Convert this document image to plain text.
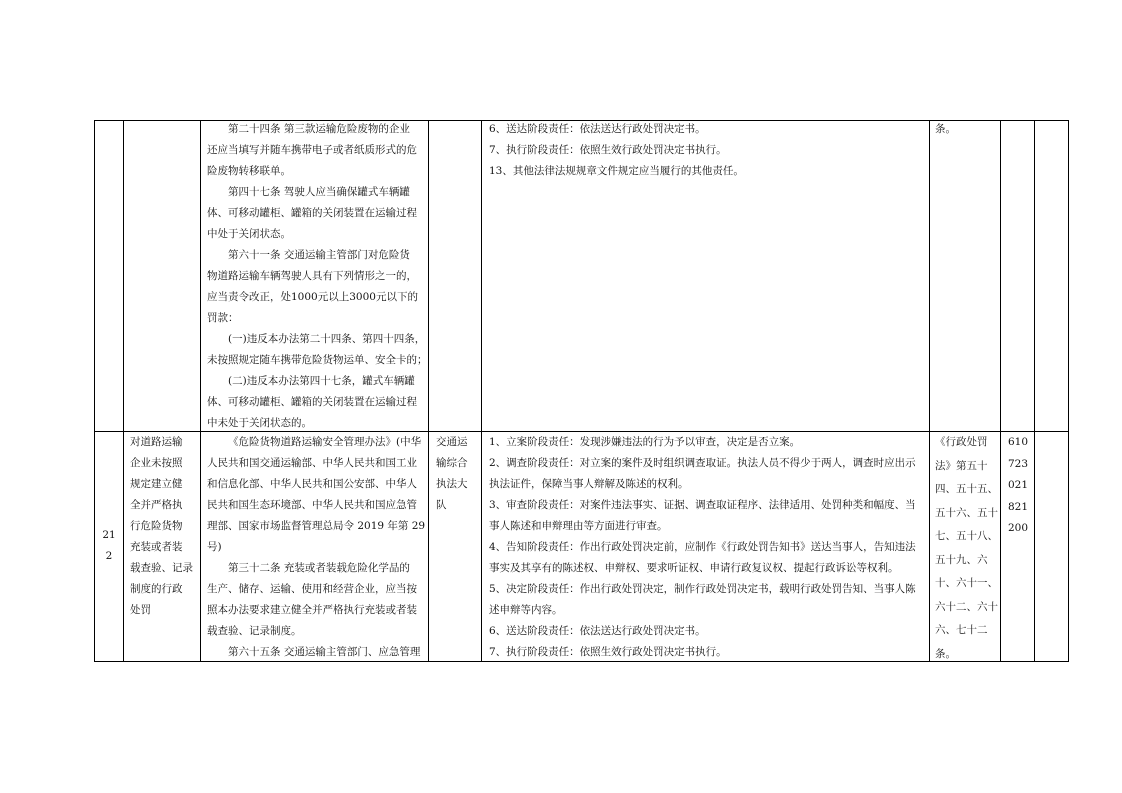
第二十四条 第三款运输危险废物的企业
还应当填写并随车携带电子或者纸质形式的危
险废物转移联单。
第四十七条 驾驶人应当确保罐式车辆罐
体、可移动罐柜、罐箱的关闭装置在运输过程
中处于关闭状态。
第六十一条 交通运输主管部门对危险货
物道路运输车辆驾驶人具有下列情形之一的，
应当责令改正，处1000元以上3000元以下的
罚款：
(一)违反本办法第二十四条、第四十四条，
未按照规定随车携带危险货物运单、安全卡的；
(二)违反本办法第四十七条，罐式车辆罐
体、可移动罐柜、罐箱的关闭装置在运输过程
中未处于关闭状态的。
6、送达阶段责任：依法送达行政处罚决定书。
7、执行阶段责任：依照生效行政处罚决定书执行。
13、其他法律法规规章文件规定应当履行的其他责任。
条。
21
2
对道路运输
企业未按照
规定建立健
全并严格执
行危险货物
充装或者装
载查验、记录
制度的行政
处罚
《危险货物道路运输安全管理办法》(中华
人民共和国交通运输部、中华人民共和国工业
和信息化部、中华人民共和国公安部、中华人
民共和国生态环境部、中华人民共和国应急管
理部、国家市场监督管理总局令 2019 年第 29
号)
第三十二条 充装或者装载危险化学品的
生产、储存、运输、使用和经营企业，应当按
照本办法要求建立健全并严格执行充装或者装
载查验、记录制度。
第六十五条 交通运输主管部门、应急管理
交通运
输综合
执法大
队
1、立案阶段责任：发现涉嫌违法的行为予以审查，决定是否立案。
2、调查阶段责任：对立案的案件及时组织调查取证。执法人员不得少于两人，调查时应出示
执法证件，保障当事人辩解及陈述的权利。
3、审查阶段责任：对案件违法事实、证据、调查取证程序、法律适用、处罚种类和幅度、当
事人陈述和申辩理由等方面进行审查。
4、告知阶段责任：作出行政处罚决定前，应制作《行政处罚告知书》送达当事人，告知违法
事实及其享有的陈述权、申辩权、要求听证权、申请行政复议权、提起行政诉讼等权利。
5、决定阶段责任：作出行政处罚决定，制作行政处罚决定书，载明行政处罚告知、当事人陈
述申辩等内容。
6、送达阶段责任：依法送达行政处罚决定书。
7、执行阶段责任：依照生效行政处罚决定书执行。
《行政处罚
法》第五十
四、五十五、
五十六、五十
七、五十八、
五十九、六
十、六十一、
六十二、六十
六、七十二
条。
610
723
021
821
200
